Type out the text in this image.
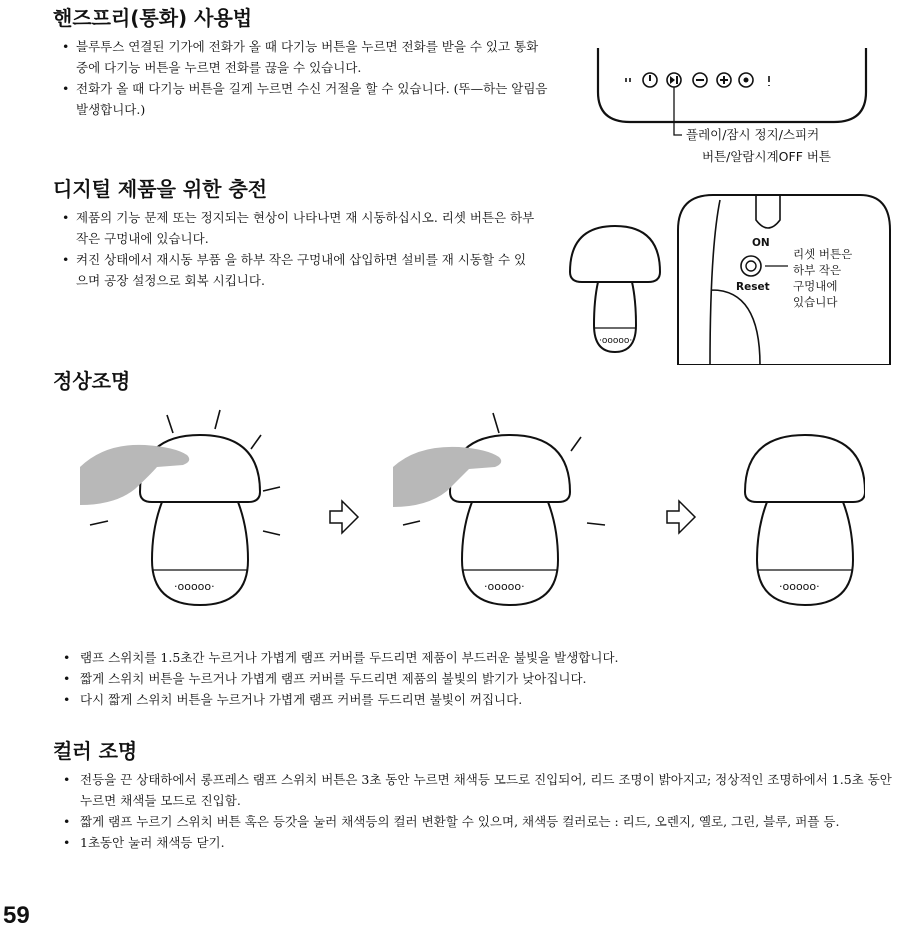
핸즈프리(통화) 사용법
• 블루투스 연결된 기가에 전화가 올 때 다기능 버튼을 누르면 전화를 받을 수 있고 통화중에 다기능 버튼을 누르면 전화를 끊을 수 있습니다.
• 전화가 올 때 다기능 버튼을 길게 누르면 수신 거절을 할 수 있습니다. (뚜—하는 알림음 발생합니다.)
플레이/잠시 정지/스피커
버튼/알람시계OFF 버튼
디지털 제품을 위한 충전
• 제품의 기능 문제 또는 정지되는 현상이 나타나면 재 시동하십시오. 리셋 버튼은 하부 작은 구멍내에 있습니다.
• 켜진 상태에서 재시동 부품 을 하부 작은 구멍내에 삽입하면 설비를 재 시동할 수 있으며 공장 설정으로 회복 시킵니다.
·ooooo·
ON
Reset
리셋 버튼은
하부 작은
구멍내에
있습니다
정상조명
·ooooo·
• 램프 스위치를 1.5초간 누르거나 가볍게 램프 커버를 두드리면 제품이 부드러운 불빛을 발생합니다.
• 짧게 스위치 버튼을 누르거나 가볍게 램프 커버를 두드리면 제품의 불빛의 밝기가 낮아집니다.
• 다시 짧게 스위치 버튼을 누르거나 가볍게 램프 커버를 두드리면 불빛이 꺼집니다.
컬러 조명
• 전등을 끈 상태하에서 롱프레스 램프 스위치 버튼은 3초 동안 누르면 채색등 모드로 진입되어, 리드 조명이 밝아지고; 정상적인 조명하에서 1.5초 동안 누르면 채색들 모드로 진입함.
• 짧게 램프 누르기 스위치 버튼 혹은 등갓을 눌러 채색등의 컬러 변환할 수 있으며, 채색등 컬러로는 : 리드, 오렌지, 옐로, 그린, 블루, 퍼플 등.
• 1초동안 눌러 채색등 닫기.

59
